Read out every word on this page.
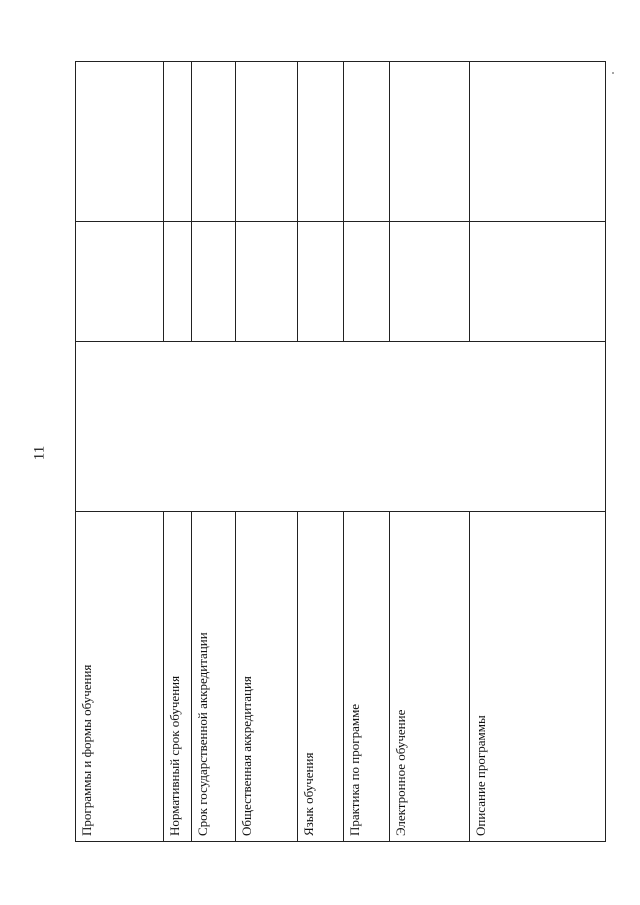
11
Программы и формы обучения			
Нормативный срок обучения			
Срок государственной аккредитации			
Общественная аккредитация			
Язык обучения			
Практика по программе			
Электронное обучение			
Описание программы			
